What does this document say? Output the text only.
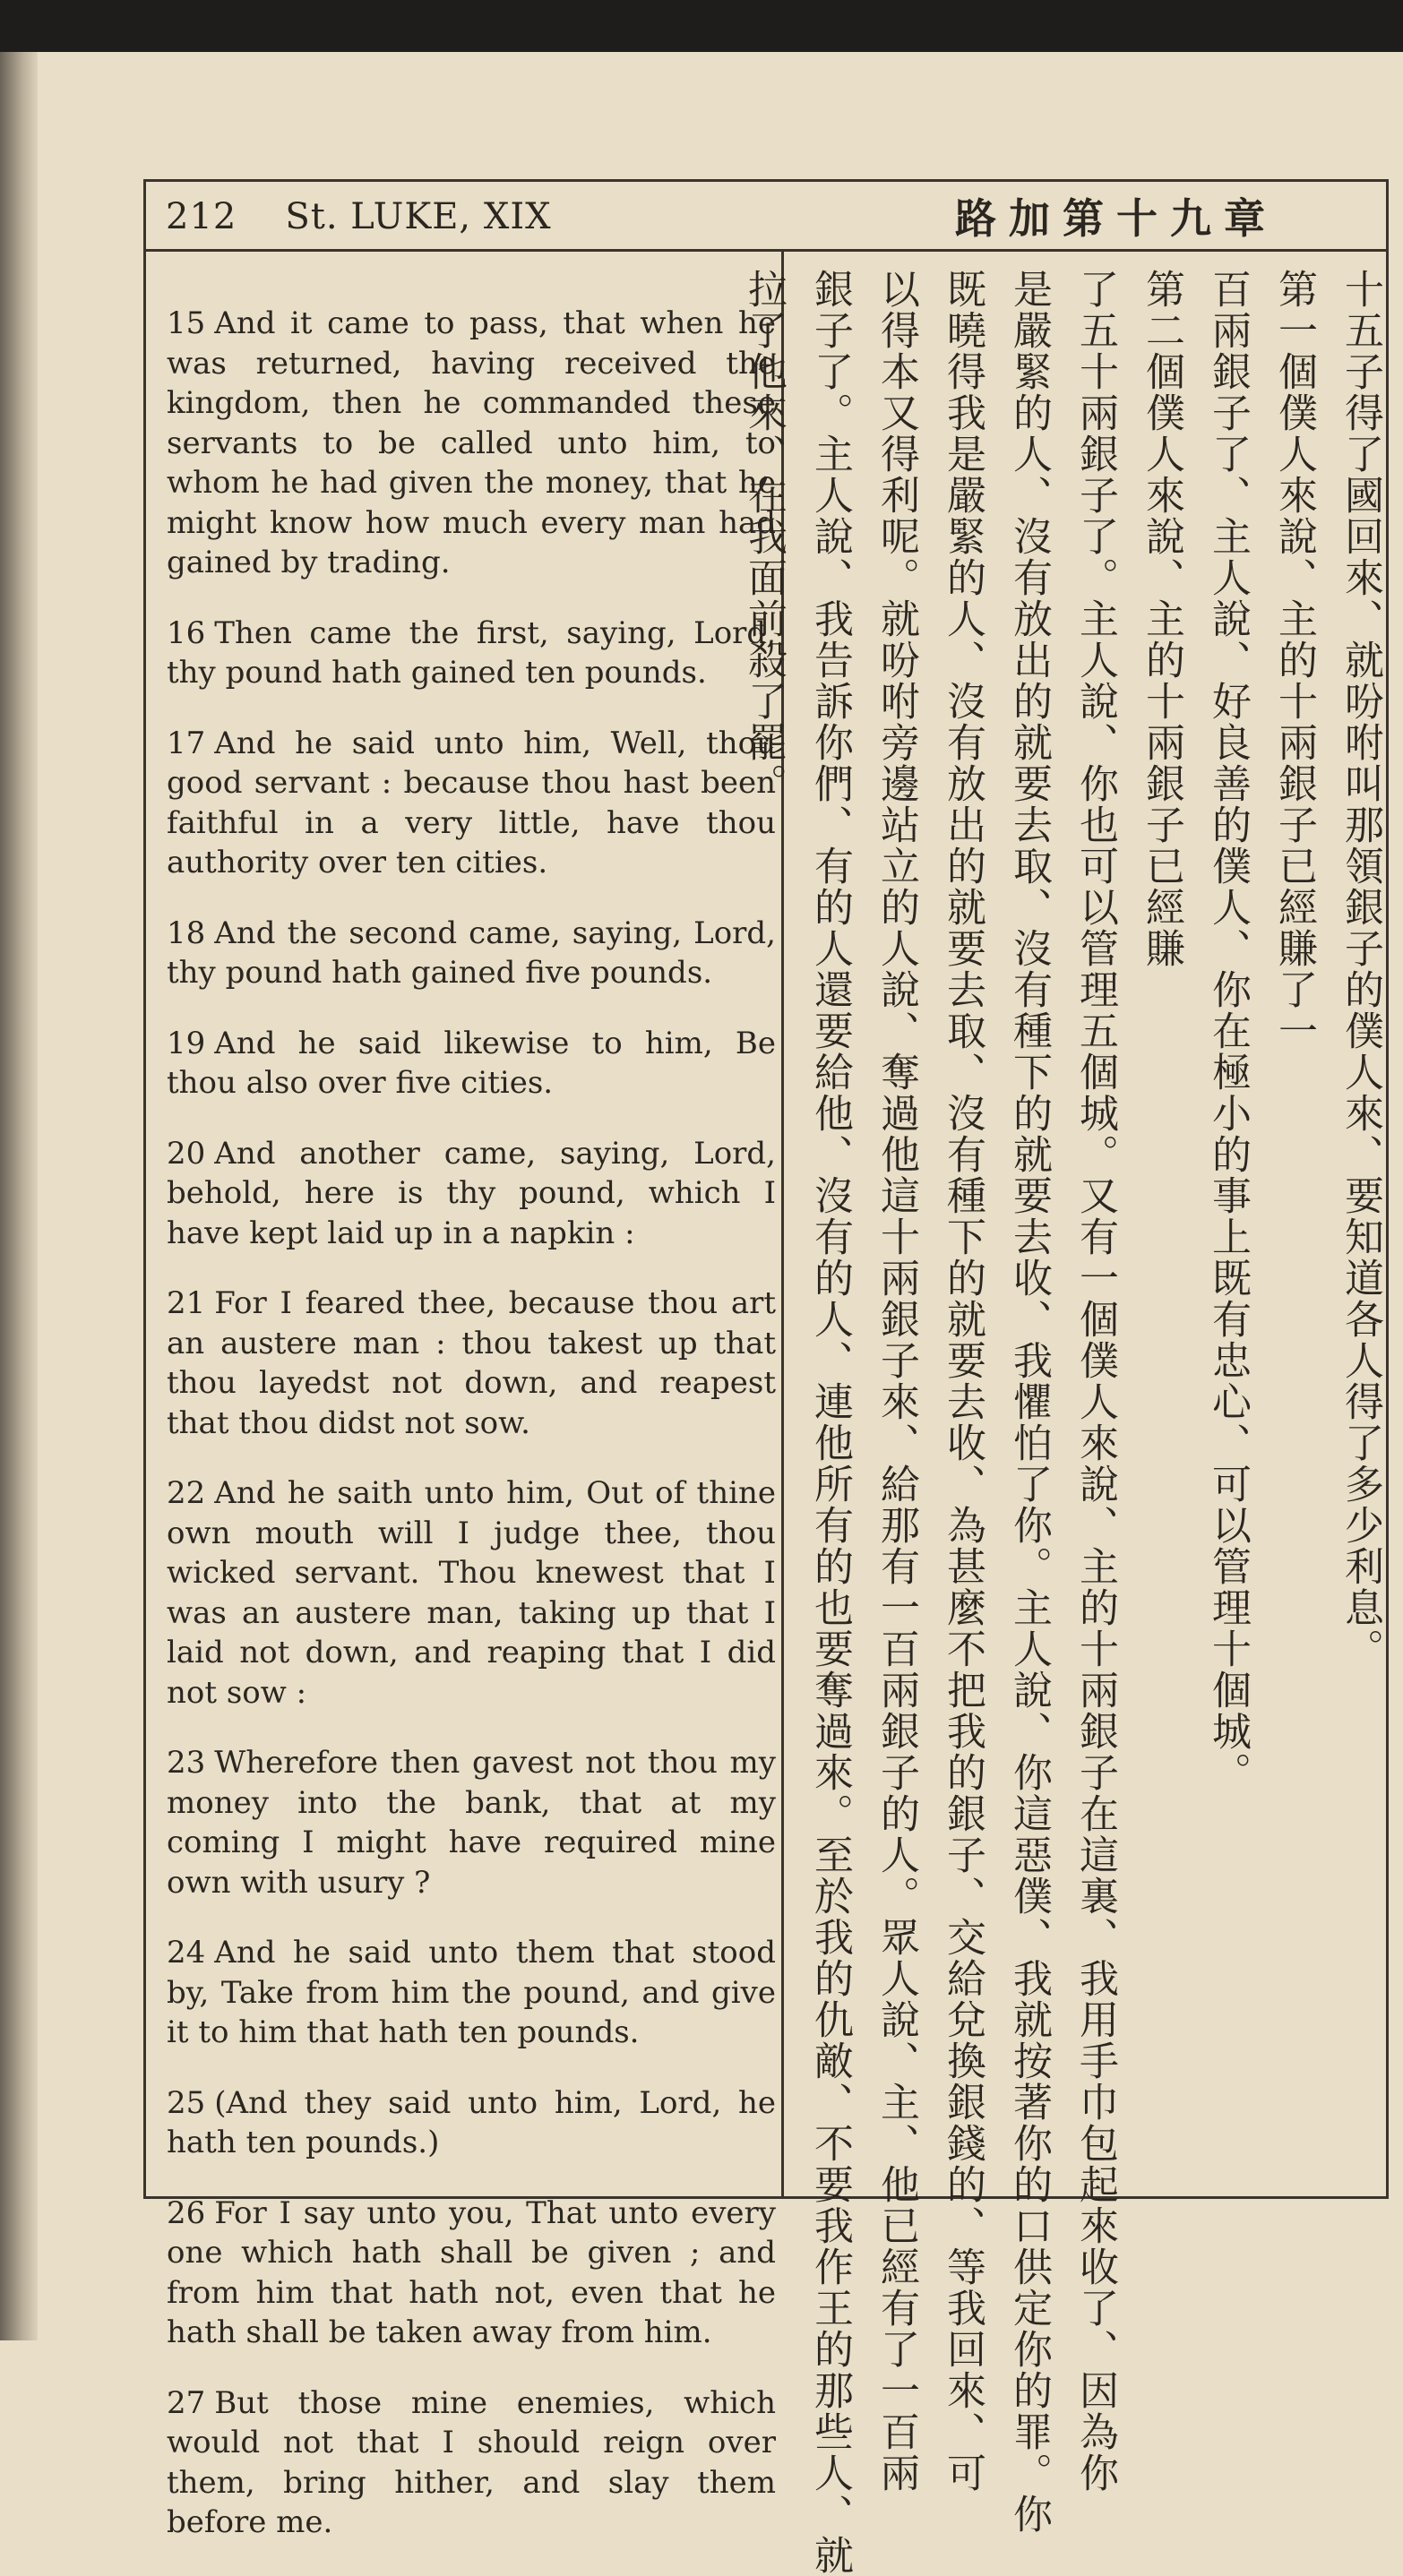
212 St. LUKE, XIX	路加第十九章

15 And it came to pass, that when he was returned, having received the kingdom, then he commanded these servants to be called unto him, to whom he had given the money, that he might know how much every man had gained by trading.

16 Then came the first, saying, Lord, thy pound hath gained ten pounds.

17 And he said unto him, Well, thou good servant : because thou hast been faithful in a very little, have thou authority over ten cities.

18 And the second came, saying, Lord, thy pound hath gained five pounds.

19 And he said likewise to him, Be thou also over five cities.

20 And another came, saying, Lord, behold, here is thy pound, which I have kept laid up in a napkin :

21 For I feared thee, because thou art an austere man : thou takest up that thou layedst not down, and reapest that thou didst not sow.

22 And he saith unto him, Out of thine own mouth will I judge thee, thou wicked servant. Thou knewest that I was an austere man, taking up that I laid not down, and reaping that I did not sow :

23 Wherefore then gavest not thou my money into the bank, that at my coming I might have required mine own with usury ?

24 And he said unto them that stood by, Take from him the pound, and give it to him that hath ten pounds.

25 (And they said unto him, Lord, he hath ten pounds.)

26 For I say unto you, That unto every one which hath shall be given ; and from him that hath not, even that he hath shall be taken away from him.

27 But those mine enemies, which would not that I should reign over them, bring hither, and slay them before me.

十五子得了國回來、就吩咐叫那領銀子的僕人來、要知道各人得了多少利息。
第一個僕人來說、主的十兩銀子已經賺了一
百兩銀子了、主人說、好良善的僕人、你在極小的事上既有忠心、可以管理十個城。
第二個僕人來說、主的十兩銀子已經賺
了五十兩銀子了。主人說、你也可以管理五個城。又有一個僕人來說、主的十兩銀子在這裏、我用手巾包起來收了、因為你
是嚴緊的人、沒有放出的就要去取、沒有種下的就要去收、我懼怕了你。主人說、你這惡僕、我就按著你的口供定你的罪。你
既曉得我是嚴緊的人、沒有放出的就要去取、沒有種下的就要去收、為甚麼不把我的銀子、交給兌換銀錢的、等我回來、可
以得本又得利呢。就吩咐旁邊站立的人說、奪過他這十兩銀子來、給那有一百兩銀子的人。眾人說、主、他已經有了一百兩
銀子了。主人說、我告訴你們、有的人還要給他、沒有的人、連他所有的也要奪過來。至於我的仇敵、不要我作王的那些人、就
拉了他來、在我面前殺了罷。
